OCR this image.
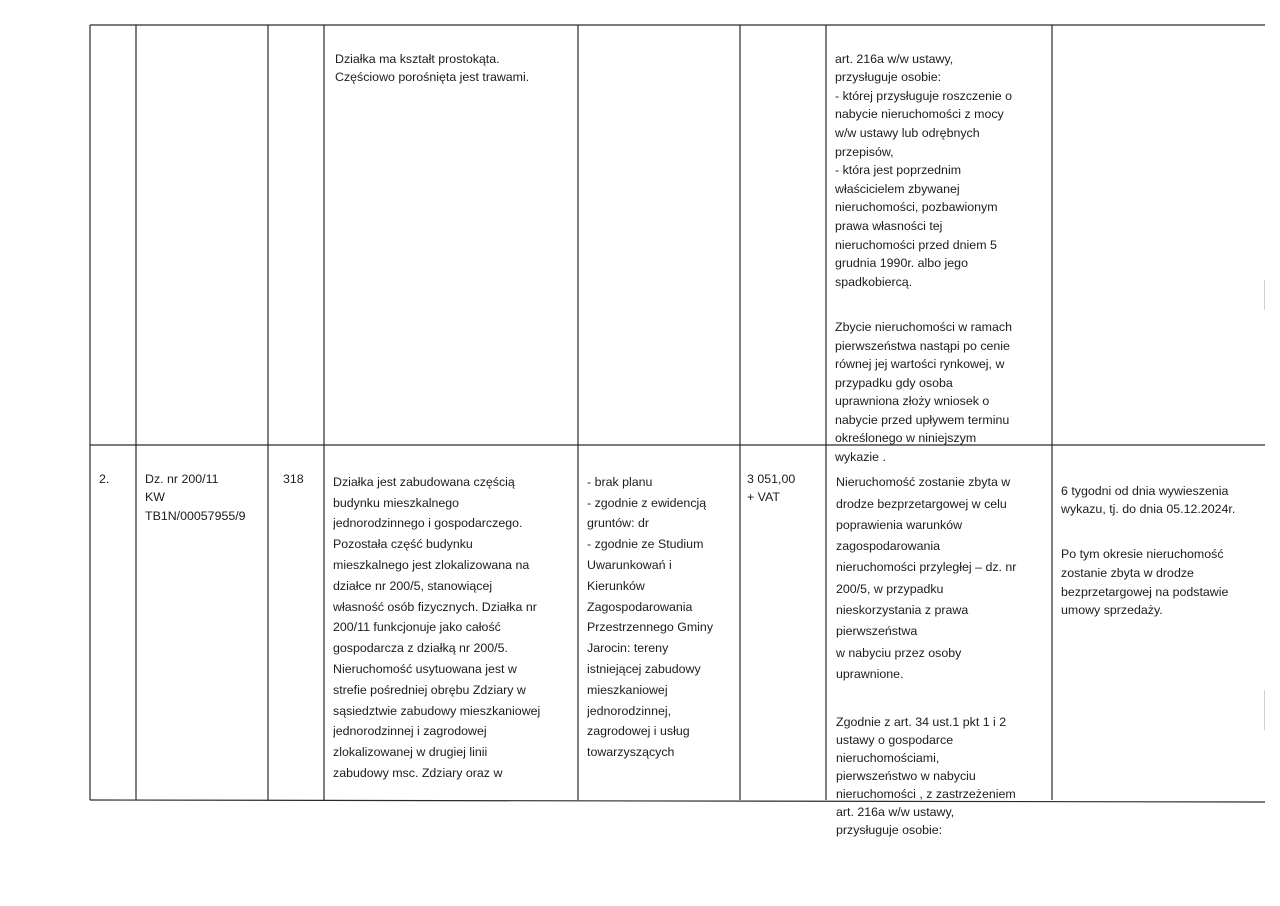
Działka ma kształt prostokąta.
Częściowo porośnięta jest trawami.

art. 216a w/w ustawy,
przysługuje osobie:
- której przysługuje roszczenie o
nabycie nieruchomości z mocy
w/w ustawy lub odrębnych
przepisów,
- która jest poprzednim
właścicielem zbywanej
nieruchomości, pozbawionym
prawa własności tej
nieruchomości przed dniem 5
grudnia 1990r. albo jego
spadkobiercą.

Zbycie nieruchomości w ramach
pierwszeństwa nastąpi po cenie
równej jej wartości rynkowej, w
przypadku gdy osoba
uprawniona złoży wniosek o
nabycie przed upływem terminu
określonego w niniejszym
wykazie .

2.	Dz. nr 200/11
KW
TB1N/00057955/9

318	Działka jest zabudowana częścią
budynku mieszkalnego
jednorodzinnego i gospodarczego.
Pozostała część budynku
mieszkalnego jest zlokalizowana na
działce nr 200/5, stanowiącej
własność osób fizycznych. Działka nr
200/11 funkcjonuje jako całość
gospodarcza z działką nr 200/5.
Nieruchomość usytuowana jest w
strefie pośredniej obrębu Zdziary w
sąsiedztwie zabudowy mieszkaniowej
jednorodzinnej i zagrodowej
zlokalizowanej w drugiej linii
zabudowy msc. Zdziary oraz w

- brak planu
- zgodnie z ewidencją
gruntów: dr
- zgodnie ze Studium
Uwarunkowań i
Kierunków
Zagospodarowania
Przestrzennego Gminy
Jarocin: tereny
istniejącej zabudowy
mieszkaniowej
jednorodzinnej,
zagrodowej i usług
towarzyszących

3 051,00
+ VAT

Nieruchomość zostanie zbyta w
drodze bezprzetargowej w celu
poprawienia warunków
zagospodarowania
nieruchomości przyległej – dz. nr
200/5, w przypadku
nieskorzystania z prawa
pierwszeństwa
w nabyciu przez osoby
uprawnione.

Zgodnie z art. 34 ust.1 pkt 1 i 2
ustawy o gospodarce
nieruchomościami,
pierwszeństwo w nabyciu
nieruchomości , z zastrzeżeniem
art. 216a w/w ustawy,
przysługuje osobie:

6 tygodni od dnia wywieszenia
wykazu, tj. do dnia 05.12.2024r.

Po tym okresie nieruchomość
zostanie zbyta w drodze
bezprzetargowej na podstawie
umowy sprzedaży.
